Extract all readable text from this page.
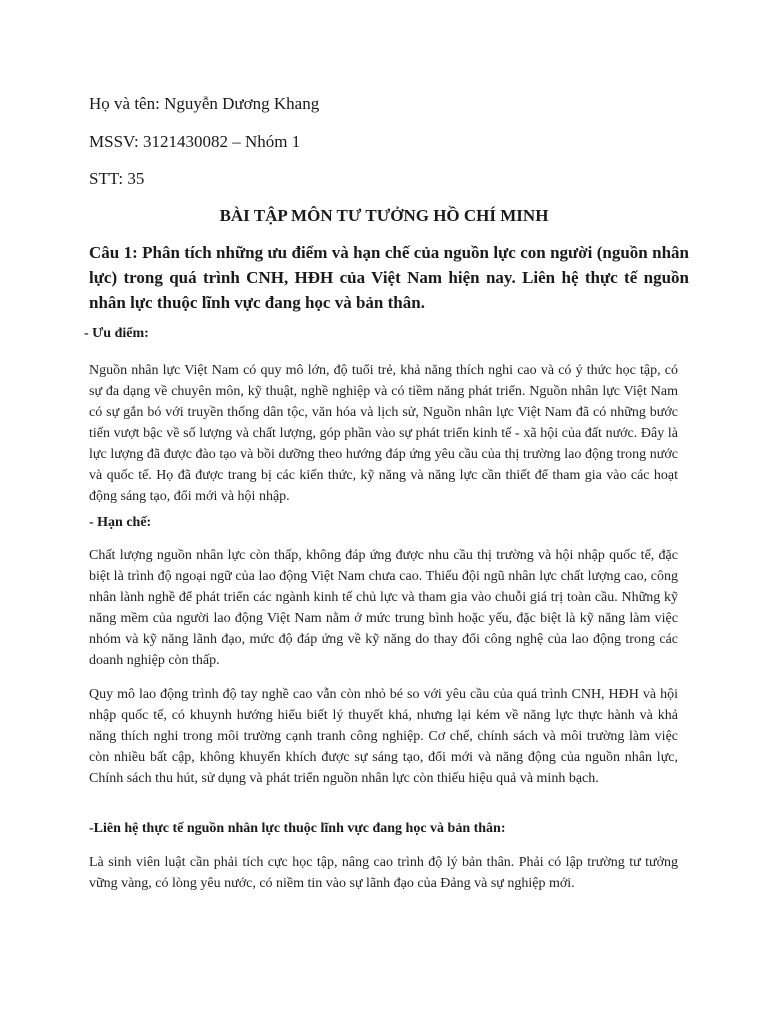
Họ và tên: Nguyễn Dương Khang
MSSV: 3121430082 – Nhóm 1
STT: 35
BÀI TẬP MÔN TƯ TƯỞNG HỒ CHÍ MINH
Câu 1: Phân tích những ưu điểm và hạn chế của nguồn lực con người (nguồn nhân lực) trong quá trình CNH, HĐH của Việt Nam hiện nay. Liên hệ thực tế nguồn nhân lực thuộc lĩnh vực đang học và bản thân.
- Ưu điểm:
Nguồn nhân lực Việt Nam có quy mô lớn, độ tuổi trẻ, khả năng thích nghi cao và có ý thức học tập, có sự đa dạng về chuyên môn, kỹ thuật, nghề nghiệp và có tiềm năng phát triển. Nguồn nhân lực Việt Nam có sự gắn bó với truyền thống dân tộc, văn hóa và lịch sử, Nguồn nhân lực Việt Nam đã có những bước tiến vượt bậc về số lượng và chất lượng, góp phần vào sự phát triển kinh tế - xã hội của đất nước. Đây là lực lượng đã được đào tạo và bồi dưỡng theo hướng đáp ứng yêu cầu của thị trường lao động trong nước và quốc tế. Họ đã được trang bị các kiến thức, kỹ năng và năng lực cần thiết để tham gia vào các hoạt động sáng tạo, đổi mới và hội nhập.
- Hạn chế:
Chất lượng nguồn nhân lực còn thấp, không đáp ứng được nhu cầu thị trường và hội nhập quốc tế, đặc biệt là trình độ ngoại ngữ của lao động Việt Nam chưa cao. Thiếu đội ngũ nhân lực chất lượng cao, công nhân lành nghề để phát triển các ngành kinh tế chủ lực và tham gia vào chuỗi giá trị toàn cầu. Những kỹ năng mềm của người lao động Việt Nam nằm ở mức trung bình hoặc yếu, đặc biệt là kỹ năng làm việc nhóm và kỹ năng lãnh đạo, mức độ đáp ứng về kỹ năng do thay đổi công nghệ của lao động trong các doanh nghiệp còn thấp.
Quy mô lao động trình độ tay nghề cao vẫn còn nhỏ bé so với yêu cầu của quá trình CNH, HĐH và hội nhập quốc tế, có khuynh hướng hiểu biết lý thuyết khá, nhưng lại kém về năng lực thực hành và khả năng thích nghi trong môi trường cạnh tranh công nghiệp. Cơ chế, chính sách và môi trường làm việc còn nhiều bất cập, không khuyến khích được sự sáng tạo, đổi mới và năng động của nguồn nhân lực, Chính sách thu hút, sử dụng và phát triển nguồn nhân lực còn thiếu hiệu quả và minh bạch.
-Liên hệ thực tế nguồn nhân lực thuộc lĩnh vực đang học và bản thân:
Là sinh viên luật cần phải tích cực học tập, nâng cao trình độ lý bản thân. Phải có lập trường tư tưởng vững vàng, có lòng yêu nước, có niềm tin vào sự lãnh đạo của Đảng và sự nghiệp mới.
